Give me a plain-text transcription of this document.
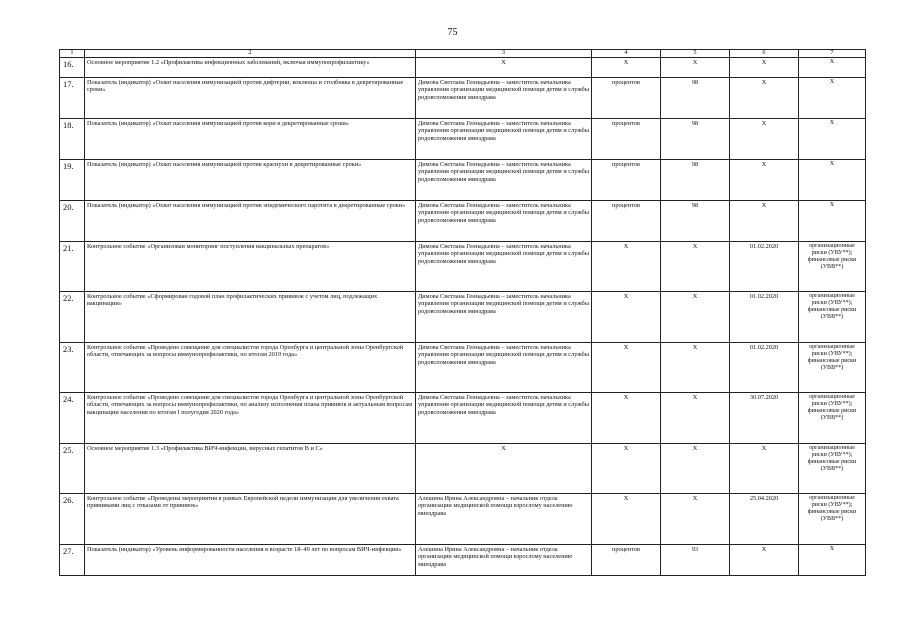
75
1	2	3	4	5	6	7
16.	Основное мероприятие 1.2 «Профилактика инфекционных заболеваний, включая иммунопрофилактику»	X	X	X	X	X
17.	Показатель (индикатор) «Охват населения иммунизацией против дифтерии, коклюша и столбняка в декретированные сроки»	Димова Светлана Геннадьевна – заместитель начальника управления организации медицинской помощи детям и службы родовспоможения минздрава	процентов	98	X	X
18.	Показатель (индикатор) «Охват населения иммунизацией против кори в декретированные сроки»	Димова Светлана Геннадьевна – заместитель начальника управления организации медицинской помощи детям и службы родовспоможения минздрава	процентов	98	X	X
19.	Показатель (индикатор) «Охват населения иммунизацией против краснухи в декретированные сроки»	Димова Светлана Геннадьевна – заместитель начальника управления организации медицинской помощи детям и службы родовспоможения минздрава	процентов	98	X	X
20.	Показатель (индикатор) «Охват населения иммунизацией против эпидемического паротита в декретированные сроки»	Димова Светлана Геннадьевна – заместитель начальника управления организации медицинской помощи детям и службы родовспоможения минздрава	процентов	98	X	X
21.	Контрольное событие «Организован мониторинг поступления вакцинальных препаратов»	Димова Светлана Геннадьевна – заместитель начальника управления организации медицинской помощи детям и службы родовспоможения минздрава	X	X	01.02.2020	организационные риски (УВУ**); финансовые риски (УВВ**)
22.	Контрольное событие «Сформирован годовой план профилактических прививок с учетом лиц, подлежащих вакцинации»	Димова Светлана Геннадьевна – заместитель начальника управления организации медицинской помощи детям и службы родовспоможения минздрава	X	X	01.02.2020	организационные риски (УВУ**); финансовые риски (УВВ**)
23.	Контрольное событие «Проведено совещание для специалистов города Оренбурга и центральной зоны Оренбургской области, отвечающих за вопросы иммунопрофилактики, по итогам 2019 года»	Димова Светлана Геннадьевна – заместитель начальника управления организации медицинской помощи детям и службы родовспоможения минздрава	X	X	01.02.2020	организационные риски (УВУ**); финансовые риски (УВВ**)
24.	Контрольное событие «Проведено совещание для специалистов города Оренбурга и центральной зоны Оренбургской области, отвечающих за вопросы иммунопрофилактики, по анализу исполнения плана прививок и актуальным вопросам вакцинации населения по итогам I полугодия 2020 года»	Димова Светлана Геннадьевна – заместитель начальника управления организации медицинской помощи детям и службы родовспоможения минздрава	X	X	30.07.2020	организационные риски (УВУ**); финансовые риски (УВВ**)
25.	Основное мероприятие 1.3 «Профилактика ВИЧ-инфекции, вирусных гепатитов В и С»	X	X	X	X	организационные риски (УВУ**); финансовые риски (УВВ**)
26.	Контрольное событие «Проведены мероприятия в рамках Европейской недели иммунизации для увеличения охвата прививками лиц с отказами от прививок»	Алешина Ирина Александровна – начальник отдела организации медицинской помощи взрослому населению минздрава	X	X	25.04.2020	организационные риски (УВУ**); финансовые риски (УВВ**)
27.	Показатель (индикатор) «Уровень информированности населения в возрасте 18–49 лет по вопросам ВИЧ-инфекции»	Алешина Ирина Александровна – начальник отдела организации медицинской помощи взрослому населению минздрава	процентов	93	X	X
